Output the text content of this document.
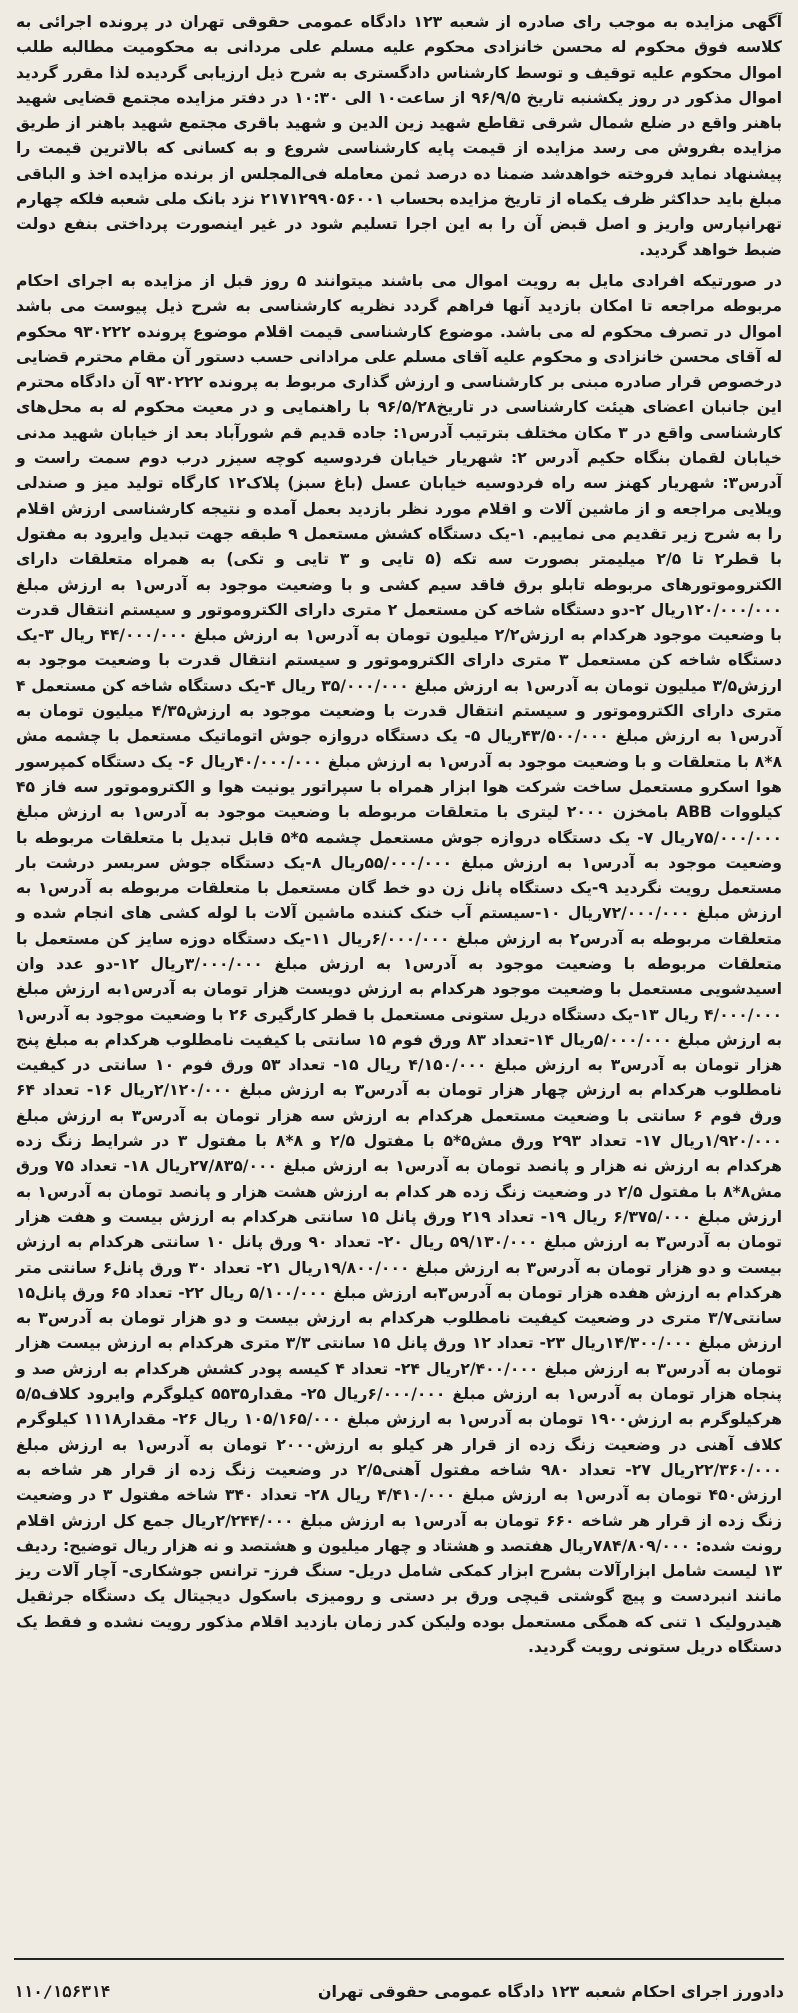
آگهی مزایده به موجب رای صادره از شعبه ۱۲۳ دادگاه عمومی حقوقی تهران در پرونده اجرائی به کلاسه فوق محکوم له محسن خانزادی محکوم علیه مسلم علی مردانی به محکومیت مطالبه طلب اموال محکوم علیه توقیف و توسط کارشناس دادگستری به شرح ذیل ارزیابی گردیده لذا مقرر گردید اموال مذکور در روز یکشنبه تاریخ ۹۶/۹/۵ از ساعت۱۰ الی ۱۰:۳۰ در دفتر مزایده مجتمع قضایی شهید باهنر واقع در ضلع شمال شرقی تقاطع شهید زین الدین و شهید باقری مجتمع شهید باهنر از طریق مزایده بفروش می رسد مزایده از قیمت پایه کارشناسی شروع و به کسانی که بالاترین قیمت را پیشنهاد نماید فروخته خواهدشد ضمنا ده درصد ثمن معامله فی‌المجلس از برنده مزایده اخذ و الباقی مبلغ باید حداکثر ظرف یکماه از تاریخ مزایده بحساب ۲۱۷۱۲۹۹۰۵۶۰۰۱ نزد بانک ملی شعبه فلکه چهارم تهرانپارس واریز و اصل قبض آن را به این اجرا تسلیم شود در غیر اینصورت پرداختی بنفع دولت ضبط خواهد گردید.

در صورتیکه افرادی مایل به رویت اموال می باشند میتوانند ۵ روز قبل از مزایده به اجرای احکام مربوطه مراجعه تا امکان بازدید آنها فراهم گردد نظریه کارشناسی به شرح ذیل پیوست می باشد اموال در تصرف محکوم له می باشد. موضوع کارشناسی قیمت اقلام موضوع پرونده ۹۳۰۲۲۲ محکوم له آقای محسن خانزادی و محکوم علیه آقای مسلم علی مرادانی حسب دستور آن مقام محترم قضایی درخصوص قرار صادره مبنی بر کارشناسی و ارزش گذاری مربوط به پرونده ۹۳۰۲۲۲ آن دادگاه محترم این جانبان اعضای هیئت کارشناسی در تاریخ۹۶/۵/۲۸ با راهنمایی و در معیت محکوم له به محل‌های کارشناسی واقع در ۳ مکان مختلف بترتیب آدرس۱: جاده قدیم قم شورآباد بعد از خیابان شهید مدنی خیابان لقمان بنگاه حکیم آدرس ۲: شهریار خیابان فردوسیه کوچه سیزر درب دوم سمت راست و آدرس۳: شهریار کهنز سه راه فردوسیه خیابان عسل (باغ سبز) پلاک۱۲ کارگاه تولید میز و صندلی ویلایی مراجعه و از ماشین آلات و اقلام مورد نظر بازدید بعمل آمده و نتیجه کارشناسی ارزش اقلام را به شرح زیر تقدیم می نماییم. ۱-یک دستگاه کشش مستعمل ۹ طبقه جهت تبدیل وایرود به مفتول با قطر۲ تا ۲/۵ میلیمتر بصورت سه تکه (۵ تایی و ۳ تایی و تکی) به همراه متعلقات دارای الکتروموتورهای مربوطه تابلو برق فاقد سیم کشی و با وضعیت موجود به آدرس۱ به ارزش مبلغ ۱۲۰/۰۰۰/۰۰۰ریال ۲-دو دستگاه شاخه کن مستعمل ۲ متری دارای الکتروموتور و سیستم انتقال قدرت با وضعیت موجود هرکدام به ارزش۲/۲ میلیون تومان به آدرس۱ به ارزش مبلغ ۴۴/۰۰۰/۰۰۰ ریال ۳-یک دستگاه شاخه کن مستعمل ۳ متری دارای الکتروموتور و سیستم انتقال قدرت با وضعیت موجود به ارزش۳/۵ میلیون تومان به آدرس۱ به ارزش مبلغ ۳۵/۰۰۰/۰۰۰ ریال ۴-یک دستگاه شاخه کن مستعمل ۴ متری دارای الکتروموتور و سیستم انتقال قدرت با وضعیت موجود به ارزش۴/۳۵ میلیون تومان به آدرس۱ به ارزش مبلغ ۴۳/۵۰۰/۰۰۰ریال ۵- یک دستگاه دروازه جوش اتوماتیک مستعمل با چشمه مش ۸*۸ با متعلقات و با وضعیت موجود به آدرس۱ به ارزش مبلغ ۴۰/۰۰۰/۰۰۰ریال ۶- یک دستگاه کمپرسور هوا اسکرو مستعمل ساخت شرکت هوا ابزار همراه با سپراتور یونیت هوا و الکتروموتور سه فاز ۴۵ کیلووات ABB بامخزن ۲۰۰۰ لیتری با متعلقات مربوطه با وضعیت موجود به آدرس۱ به ارزش مبلغ ۷۵/۰۰۰/۰۰۰ریال ۷- یک دستگاه دروازه جوش مستعمل چشمه ۵*۵ قابل تبدیل با متعلقات مربوطه با وضعیت موجود به آدرس۱ به ارزش مبلغ ۵۵/۰۰۰/۰۰۰ریال ۸-یک دستگاه جوش سربسر درشت بار مستعمل رویت نگردید ۹-یک دستگاه پانل زن دو خط گان مستعمل با متعلقات مربوطه به آدرس۱ به ارزش مبلغ ۷۲/۰۰۰/۰۰۰ریال ۱۰-سیستم آب خنک کننده ماشین آلات با لوله کشی های انجام شده و متعلقات مربوطه به آدرس۲ به ارزش مبلغ ۶/۰۰۰/۰۰۰ریال ۱۱-یک دستگاه دوزه سایز کن مستعمل با متعلقات مربوطه با وضعیت موجود به آدرس۱ به ارزش مبلغ ۳/۰۰۰/۰۰۰ریال ۱۲-دو عدد وان اسیدشویی مستعمل با وضعیت موجود هرکدام به ارزش دویست هزار تومان به آدرس۱به ارزش مبلغ ۴/۰۰۰/۰۰۰ ریال ۱۳-یک دستگاه دریل ستونی مستعمل با قطر کارگیری ۲۶ با وضعیت موجود به آدرس۱ به ارزش مبلغ ۵/۰۰۰/۰۰۰ریال ۱۴-تعداد ۸۳ ورق فوم ۱۵ سانتی با کیفیت نامطلوب هرکدام به مبلغ پنج هزار تومان به آدرس۳ به ارزش مبلغ ۴/۱۵۰/۰۰۰ ریال ۱۵- تعداد ۵۳ ورق فوم ۱۰ سانتی در کیفیت نامطلوب هرکدام به ارزش چهار هزار تومان به آدرس۳ به ارزش مبلغ ۲/۱۲۰/۰۰۰ریال ۱۶- تعداد ۶۴ ورق فوم ۶ سانتی با وضعیت مستعمل هرکدام به ارزش سه هزار تومان به آدرس۳ به ارزش مبلغ ۱/۹۲۰/۰۰۰ریال ۱۷- تعداد ۲۹۳ ورق مش۵*۵ با مفتول ۲/۵ و ۸*۸ با مفتول ۳ در شرایط زنگ زده هرکدام به ارزش نه هزار و پانصد تومان به آدرس۱ به ارزش مبلغ ۲۷/۸۳۵/۰۰۰ریال ۱۸- تعداد ۷۵ ورق مش۸*۸ با مفتول ۲/۵ در وضعیت زنگ زده هر کدام به ارزش هشت هزار و پانصد تومان به آدرس۱ به ارزش مبلغ ۶/۳۷۵/۰۰۰ ریال ۱۹- تعداد ۲۱۹ ورق پانل ۱۵ سانتی هرکدام به ارزش بیست و هفت هزار تومان به آدرس۳ به ارزش مبلغ ۵۹/۱۳۰/۰۰۰ ریال ۲۰- تعداد ۹۰ ورق پانل ۱۰ سانتی هرکدام به ارزش بیست و دو هزار تومان به آدرس۳ به ارزش مبلغ ۱۹/۸۰۰/۰۰۰ریال ۲۱- تعداد ۳۰ ورق پانل۶ سانتی متر هرکدام به ارزش هفده هزار تومان به آدرس۳به ارزش مبلغ ۵/۱۰۰/۰۰۰ ریال ۲۲- تعداد ۶۵ ورق پانل۱۵ سانتی۳/۷ متری در وضعیت کیفیت نامطلوب هرکدام به ارزش بیست و دو هزار تومان به آدرس۳ به ارزش مبلغ ۱۴/۳۰۰/۰۰۰ریال ۲۳- تعداد ۱۲ ورق پانل ۱۵ سانتی ۳/۳ متری هرکدام به ارزش بیست هزار تومان به آدرس۳ به ارزش مبلغ ۲/۴۰۰/۰۰۰ریال ۲۴- تعداد ۴ کیسه پودر کشش هرکدام به ارزش صد و پنجاه هزار تومان به آدرس۱ به ارزش مبلغ ۶/۰۰۰/۰۰۰ریال ۲۵- مقدار۵۵۳۵ کیلوگرم وایرود کلاف۵/۵ هرکیلوگرم به ارزش۱۹۰۰ تومان به آدرس۱ به ارزش مبلغ ۱۰۵/۱۶۵/۰۰۰ ریال ۲۶- مقدار۱۱۱۸ کیلوگرم کلاف آهنی در وضعیت زنگ زده از قرار هر کیلو به ارزش۲۰۰۰ تومان به آدرس۱ به ارزش مبلغ ۲۲/۳۶۰/۰۰۰ریال ۲۷- تعداد ۹۸۰ شاخه مفتول آهنی۲/۵ در وضعیت زنگ زده از قرار هر شاخه به ارزش۴۵۰ تومان به آدرس۱ به ارزش مبلغ ۴/۴۱۰/۰۰۰ ریال ۲۸- تعداد ۳۴۰ شاخه مفتول ۳ در وضعیت زنگ زده از قرار هر شاخه ۶۶۰ تومان به آدرس۱ به ارزش مبلغ ۲/۲۴۴/۰۰۰ریال جمع کل ارزش اقلام رونت شده: ۷۸۴/۸۰۹/۰۰۰ریال هفتصد و هشتاد و چهار میلیون و هشتصد و نه هزار ریال توضیح: ردیف ۱۳ لیست شامل ابزارآلات بشرح ابزار کمکی شامل دریل- سنگ فرز- ترانس جوشکاری- آچار آلات ریز مانند انبردست و پیچ گوشتی قیچی ورق بر دستی و رومیزی باسکول دیجیتال یک دستگاه جرثقیل هیدرولیک ۱ تنی که همگی مستعمل بوده ولیکن کدر زمان بازدید اقلام مذکور رویت نشده و فقط یک دستگاه دریل ستونی رویت گردید.

دادورز اجرای احکام شعبه ۱۲۳ دادگاه عمومی حقوقی تهران
۱۱۰/۱۵۶۳۱۴
